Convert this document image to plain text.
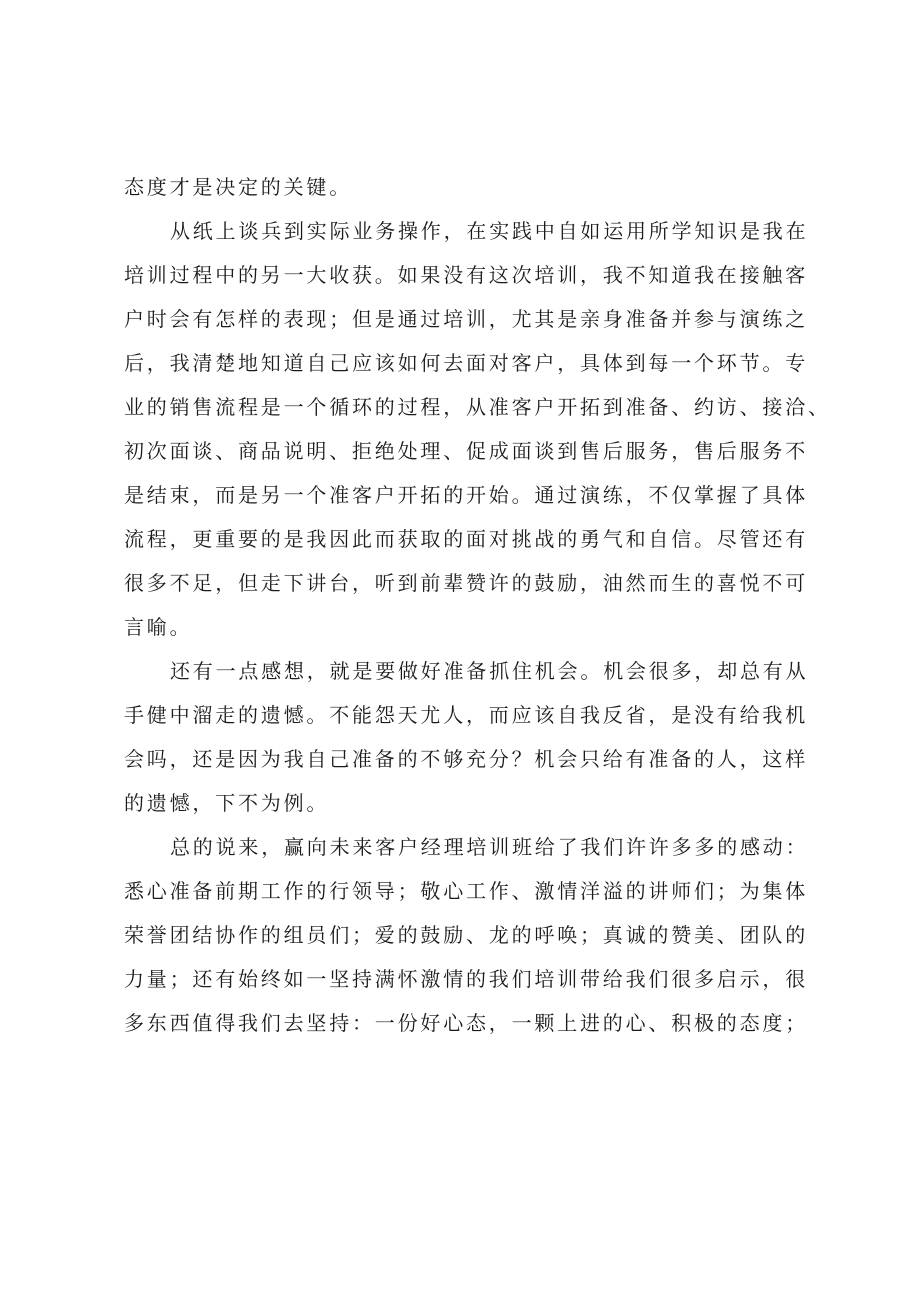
态度才是决定的关键。
从纸上谈兵到实际业务操作，在实践中自如运用所学知识是我在
培训过程中的另一大收获。如果没有这次培训，我不知道我在接触客
户时会有怎样的表现；但是通过培训，尤其是亲身准备并参与演练之
后，我清楚地知道自己应该如何去面对客户，具体到每一个环节。专
业的销售流程是一个循环的过程，从准客户开拓到准备、约访、接洽、
初次面谈、商品说明、拒绝处理、促成面谈到售后服务，售后服务不
是结束，而是另一个准客户开拓的开始。通过演练，不仅掌握了具体
流程，更重要的是我因此而获取的面对挑战的勇气和自信。尽管还有
很多不足，但走下讲台，听到前辈赞许的鼓励，油然而生的喜悦不可
言喻。
还有一点感想，就是要做好准备抓住机会。机会很多，却总有从
手健中溜走的遗憾。不能怨天尤人，而应该自我反省，是没有给我机
会吗，还是因为我自己准备的不够充分？机会只给有准备的人，这样
的遗憾，下不为例。
总的说来，赢向未来客户经理培训班给了我们许许多多的感动：
悉心准备前期工作的行领导；敬心工作、激情洋溢的讲师们；为集体
荣誉团结协作的组员们；爱的鼓励、龙的呼唤；真诚的赞美、团队的
力量；还有始终如一坚持满怀激情的我们培训带给我们很多启示，很
多东西值得我们去坚持：一份好心态，一颗上进的心、积极的态度；
